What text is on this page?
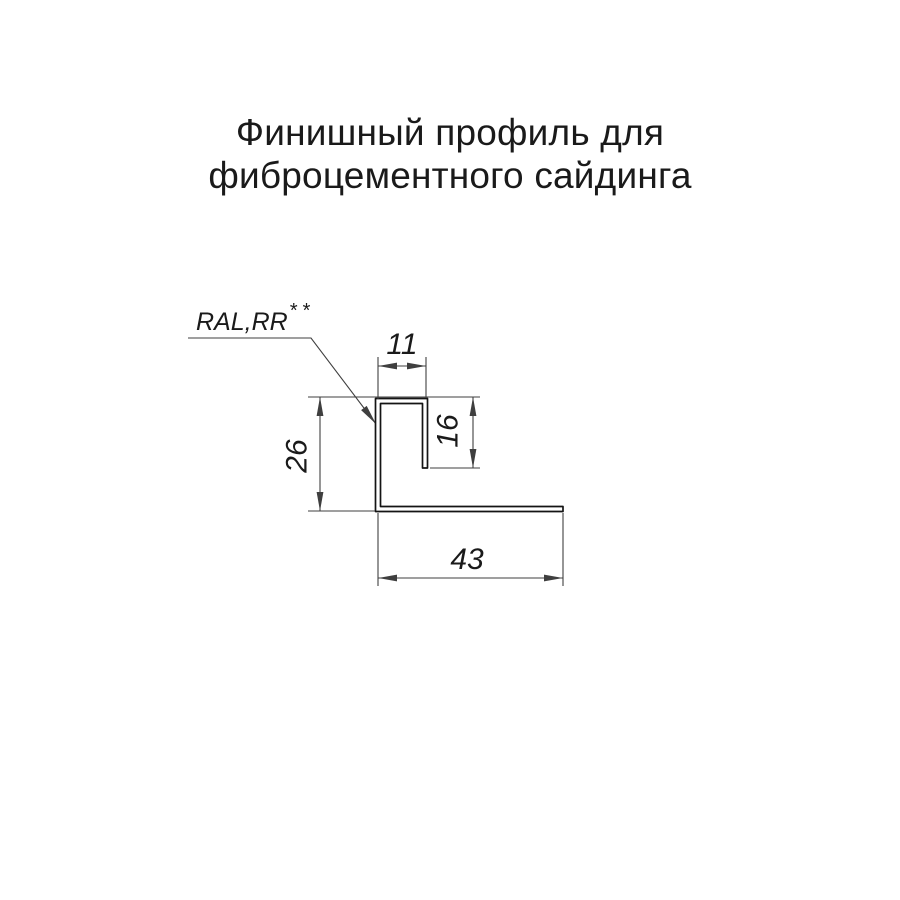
Финишный профиль для
фиброцементного сайдинга
RAL,RR **
11
16
26
43
